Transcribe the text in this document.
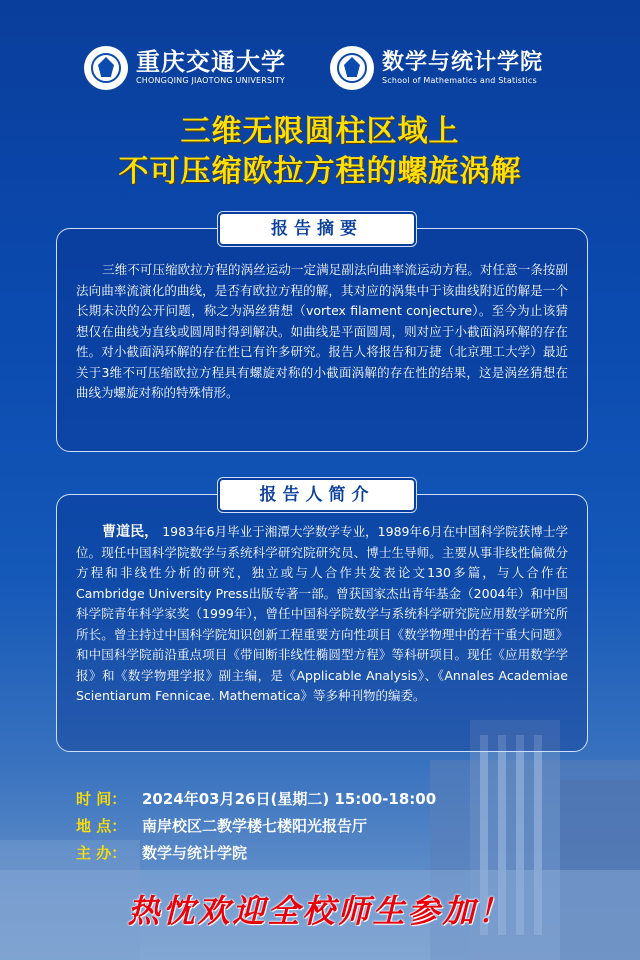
重庆交通大学
CHONGQING JIAOTONG UNIVERSITY
数学与统计学院
School of Mathematics and Statistics
三维无限圆柱区域上
不可压缩欧拉方程的螺旋涡解
报告摘要
三维不可压缩欧拉方程的涡丝运动一定满足副法向曲率流运动方程。对任意一条按副法向曲率流演化的曲线，是否有欧拉方程的解，其对应的涡集中于该曲线附近的解是一个长期未决的公开问题，称之为涡丝猜想（vortex filament conjecture）。至今为止该猜想仅在曲线为直线或圆周时得到解决。如曲线是平面圆周，则对应于小截面涡环解的存在性。对小截面涡环解的存在性已有许多研究。报告人将报告和万捷（北京理工大学）最近关于3维不可压缩欧拉方程具有螺旋对称的小截面涡解的存在性的结果，这是涡丝猜想在曲线为螺旋对称的特殊情形。
报告人简介
曹道民， 1983年6月毕业于湘潭大学数学专业，1989年6月在中国科学院获博士学位。现任中国科学院数学与系统科学研究院研究员、博士生导师。主要从事非线性偏微分方程和非线性分析的研究，独立或与人合作共发表论文130多篇，与人合作在Cambridge University Press出版专著一部。曾获国家杰出青年基金（2004年）和中国科学院青年科学家奖（1999年），曾任中国科学院数学与系统科学研究院应用数学研究所所长。曾主持过中国科学院知识创新工程重要方向性项目《数学物理中的若干重大问题》和中国科学院前沿重点项目《带间断非线性椭圆型方程》等科研项目。现任《应用数学学报》和《数学物理学报》副主编，是《Applicable Analysis》、《Annales Academiae Scientiarum Fennicae. Mathematica》等多种刊物的编委。
时 间： 2024年03月26日(星期二) 15:00-18:00
地 点： 南岸校区二教学楼七楼阳光报告厅
主 办： 数学与统计学院
热忱欢迎全校师生参加！
